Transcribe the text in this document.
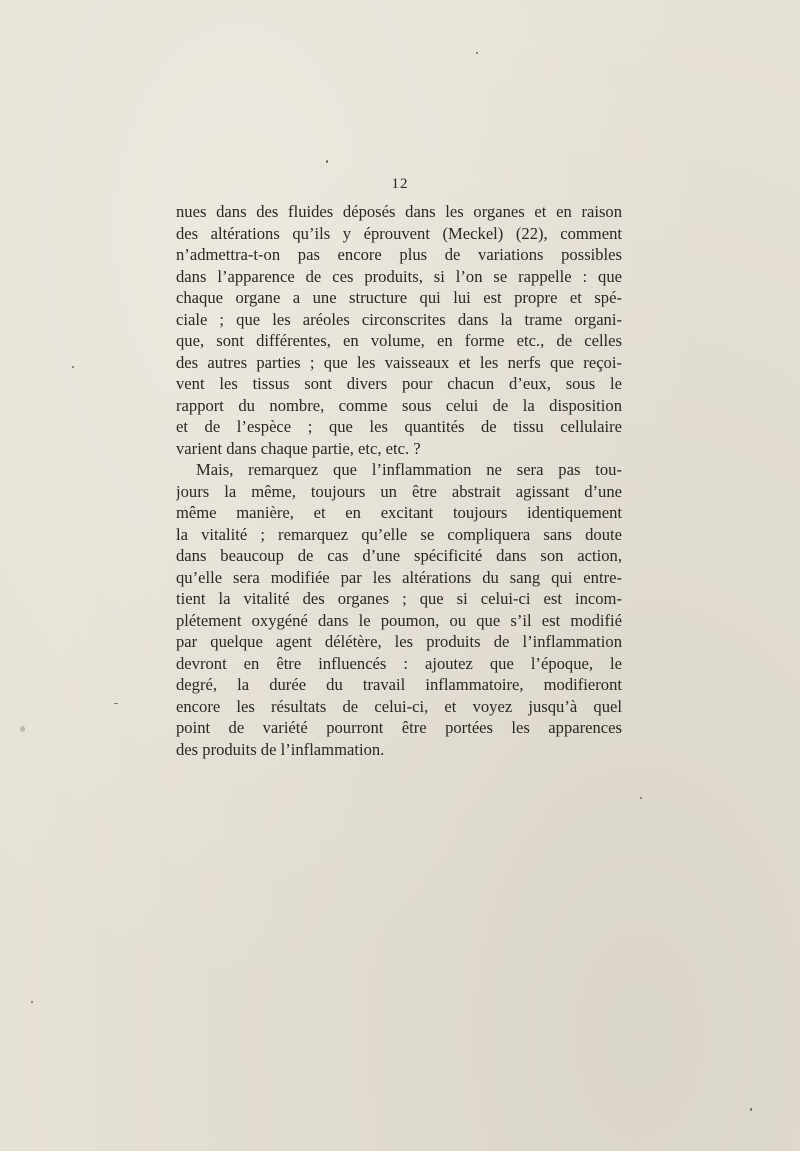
12
nues dans des fluides déposés dans les organes et en raison
des altérations qu’ils y éprouvent (Meckel) (22), comment
n’admettra-t-on pas encore plus de variations possibles
dans l’apparence de ces produits, si l’on se rappelle : que
chaque organe a une structure qui lui est propre et spé-
ciale ; que les aréoles circonscrites dans la trame organi-
que, sont différentes, en volume, en forme etc., de celles
des autres parties ; que les vaisseaux et les nerfs que reçoi-
vent les tissus sont divers pour chacun d’eux, sous le
rapport du nombre, comme sous celui de la disposition
et de l’espèce ; que les quantités de tissu cellulaire
varient dans chaque partie, etc, etc. ?
Mais, remarquez que l’inflammation ne sera pas tou-
jours la même, toujours un être abstrait agissant d’une
même manière, et en excitant toujours identiquement
la vitalité ; remarquez qu’elle se compliquera sans doute
dans beaucoup de cas d’une spécificité dans son action,
qu’elle sera modifiée par les altérations du sang qui entre-
tient la vitalité des organes ; que si celui-ci est incom-
plétement oxygéné dans le poumon, ou que s’il est modifié
par quelque agent délétère, les produits de l’inflammation
devront en être influencés : ajoutez que l’époque, le
degré, la durée du travail inflammatoire, modifieront
encore les résultats de celui-ci, et voyez jusqu’à quel
point de variété pourront être portées les apparences
des produits de l’inflammation.
